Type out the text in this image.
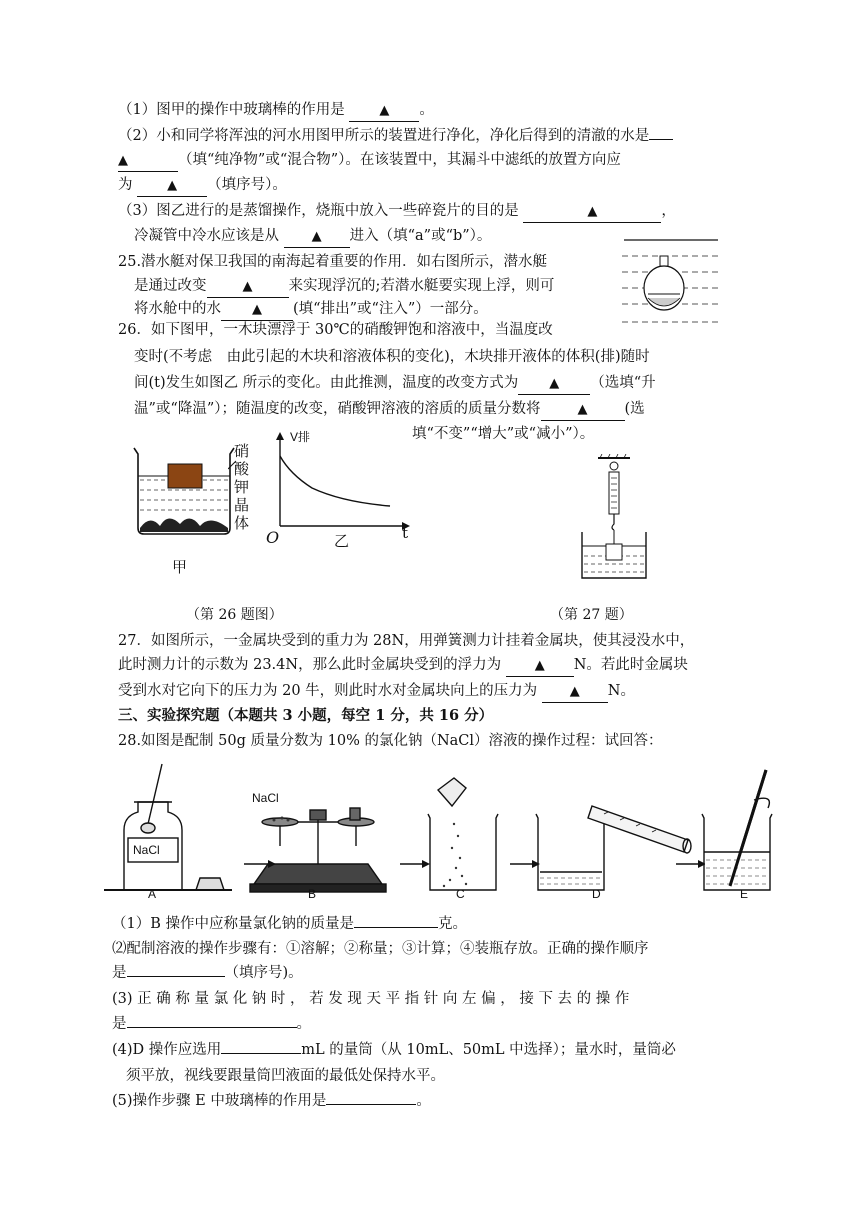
（1）图甲的操作中玻璃棒的作用是	▲ 。
（2）小和同学将浑浊的河水用图甲所示的装置进行净化，净化后得到的清澈的水是
▲	（填“纯净物”或“混合物”）。在该装置中，其漏斗中滤纸的放置方向应
为	▲ （填序号）。
（3）图乙进行的是蒸馏操作，烧瓶中放入一些碎瓷片的目的是	▲	，
冷凝管中冷水应该是从	▲ 进入（填“a”或“b”）。
25.潜水艇对保卫我国的南海起着重要的作用．如右图所示，潜水艇
是通过改变	▲ 来实现浮沉的;若潜水艇要实现上浮，则可
将水舱中的水 ▲ (填“排出”或“注入”）一部分。
26．如下图甲，一木块漂浮于 30℃的硝酸钾饱和溶液中，当温度改
变时(不考虑　由此引起的木块和溶液体积的变化)，木块排开液体的体积(排)随时
间(t)发生如图乙 所示的变化。由此推测，温度的改变方式为 ▲ （选填“升
温”或“降温”）；随温度的改变，硝酸钾溶液的溶质的质量分数将	▲	(选
填“不变”“增大”或“减小”）。
硝
酸
钾
晶
体
甲
V排
O	乙	t
（第 26 题图）	（第 27 题）
27．如图所示，一金属块受到的重力为 28N，用弹簧测力计挂着金属块，使其浸没水中，
此时测力计的示数为 23.4N，那么此时金属块受到的浮力为	▲ N。若此时金属块
受到水对它向下的压力为 20 牛，则此时水对金属块向上的压力为	▲ N。
三、实验探究题（本题共 3 小题，每空 1 分，共 16 分）
28.如图是配制 50g 质量分数为 10% 的氯化钠（NaCl）溶液的操作过程：试回答：
NaCl
NaCl
A	B	C	D	E
（1）B 操作中应称量氯化钠的质量是	克。
⑵配制溶液的操作步骤有：①溶解；②称量；③计算；④装瓶存放。正确的操作顺序
是	（填序号)。
(3) 正 确 称 量 氯 化 钠 时 ， 若 发 现 天 平 指 针 向 左 偏 ， 接 下 去 的 操 作
是	。
(4)D 操作应选用	mL 的量筒（从 10mL、50mL 中选择）；量水时，量筒必
须平放，视线要跟量筒凹液面的最低处保持水平。
(5)操作步骤 E 中玻璃棒的作用是	。
